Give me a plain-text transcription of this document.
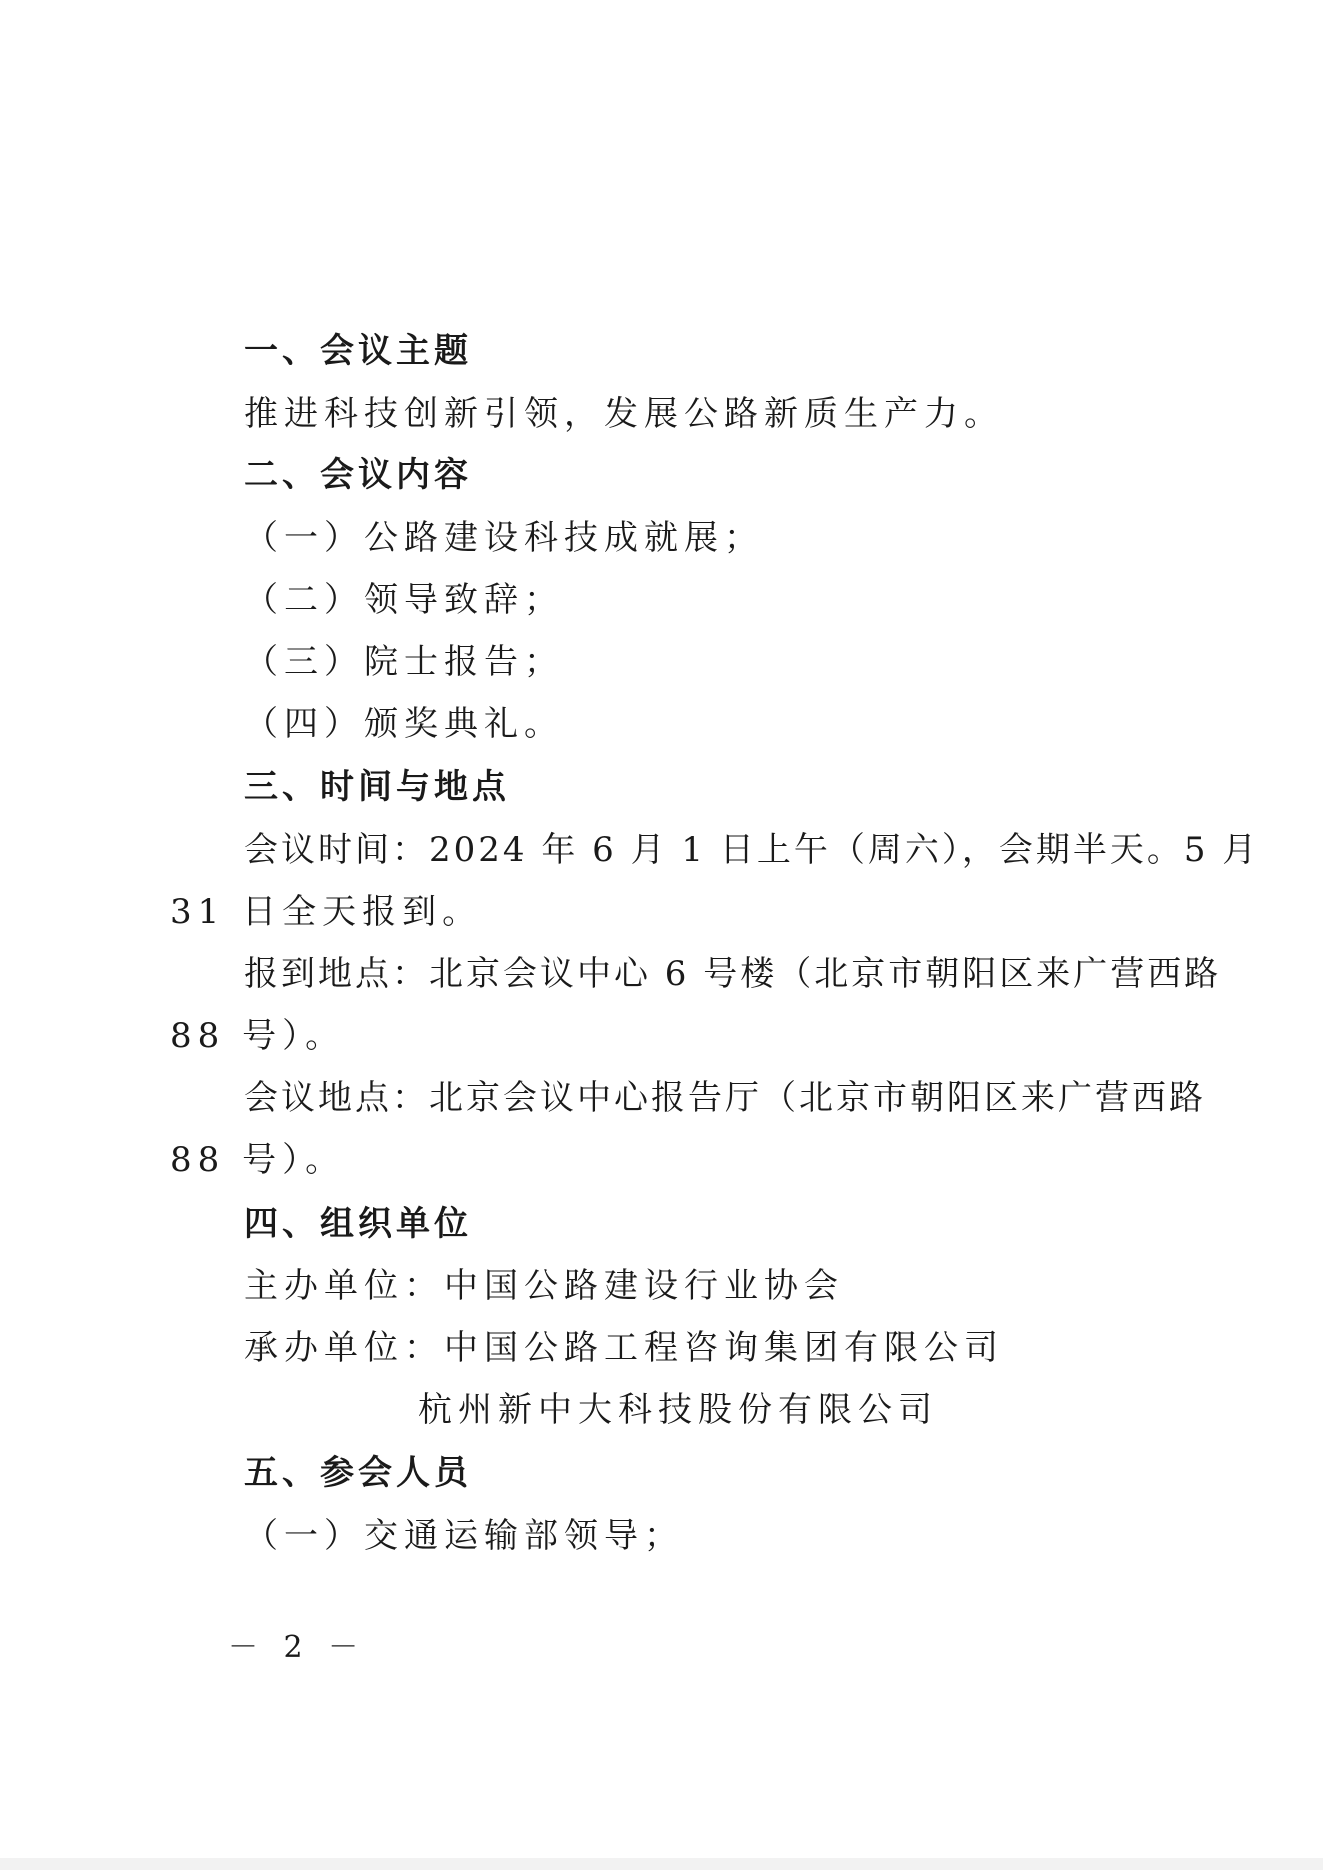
一、会议主题
推进科技创新引领，发展公路新质生产力。
二、会议内容
（一）公路建设科技成就展；
（二）领导致辞；
（三）院士报告；
（四）颁奖典礼。
三、时间与地点
会议时间：2024 年 6 月 1 日上午（周六），会期半天。5 月
31 日全天报到。
报到地点：北京会议中心 6 号楼（北京市朝阳区来广营西路
88 号）。
会议地点：北京会议中心报告厅（北京市朝阳区来广营西路
88 号）。
四、组织单位
主办单位：中国公路建设行业协会
承办单位：中国公路工程咨询集团有限公司
杭州新中大科技股份有限公司
五、参会人员
（一）交通运输部领导；
－ 2 －
